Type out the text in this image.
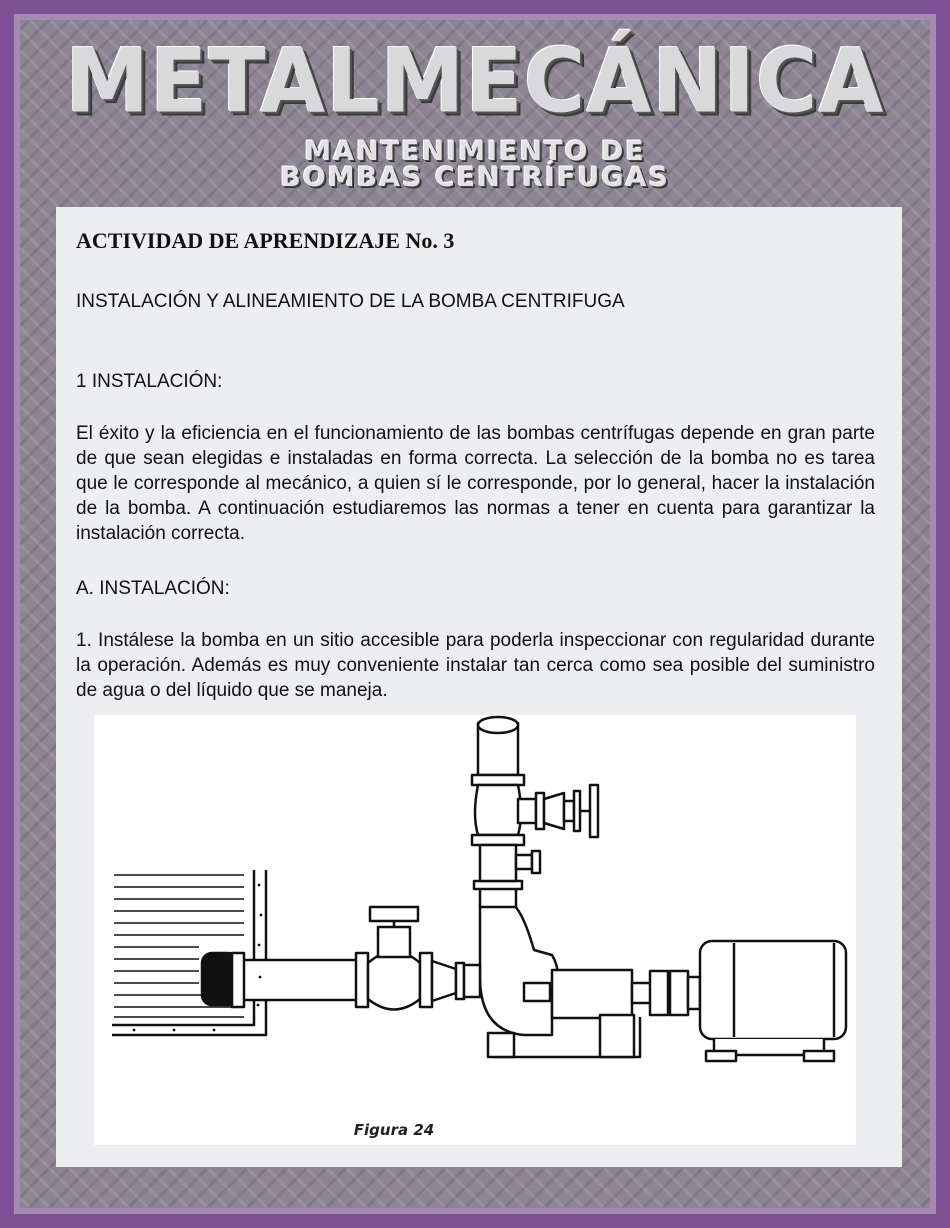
METALMECÁNICA
MANTENIMIENTO DE
BOMBAS CENTRÍFUGAS
ACTIVIDAD DE APRENDIZAJE No. 3
INSTALACIÓN Y ALINEAMIENTO DE LA BOMBA CENTRIFUGA
1 INSTALACIÓN:

El éxito y la eficiencia en el funcionamiento de las bombas centrífugas depende en gran parte de que sean elegidas e instaladas en forma correcta. La selección de la bomba no es tarea que le corresponde al mecánico, a quien sí le corresponde, por lo general, hacer la instalación de la bomba. A continuación estudiaremos las normas a tener en cuenta para garantizar la instalación correcta.

A. INSTALACIÓN:

1. Instálese la bomba en un sitio accesible para poderla inspeccionar con regularidad durante la operación. Además es muy conveniente instalar tan cerca como sea posible del suministro de agua o del líquido que se maneja.

Figura 24
